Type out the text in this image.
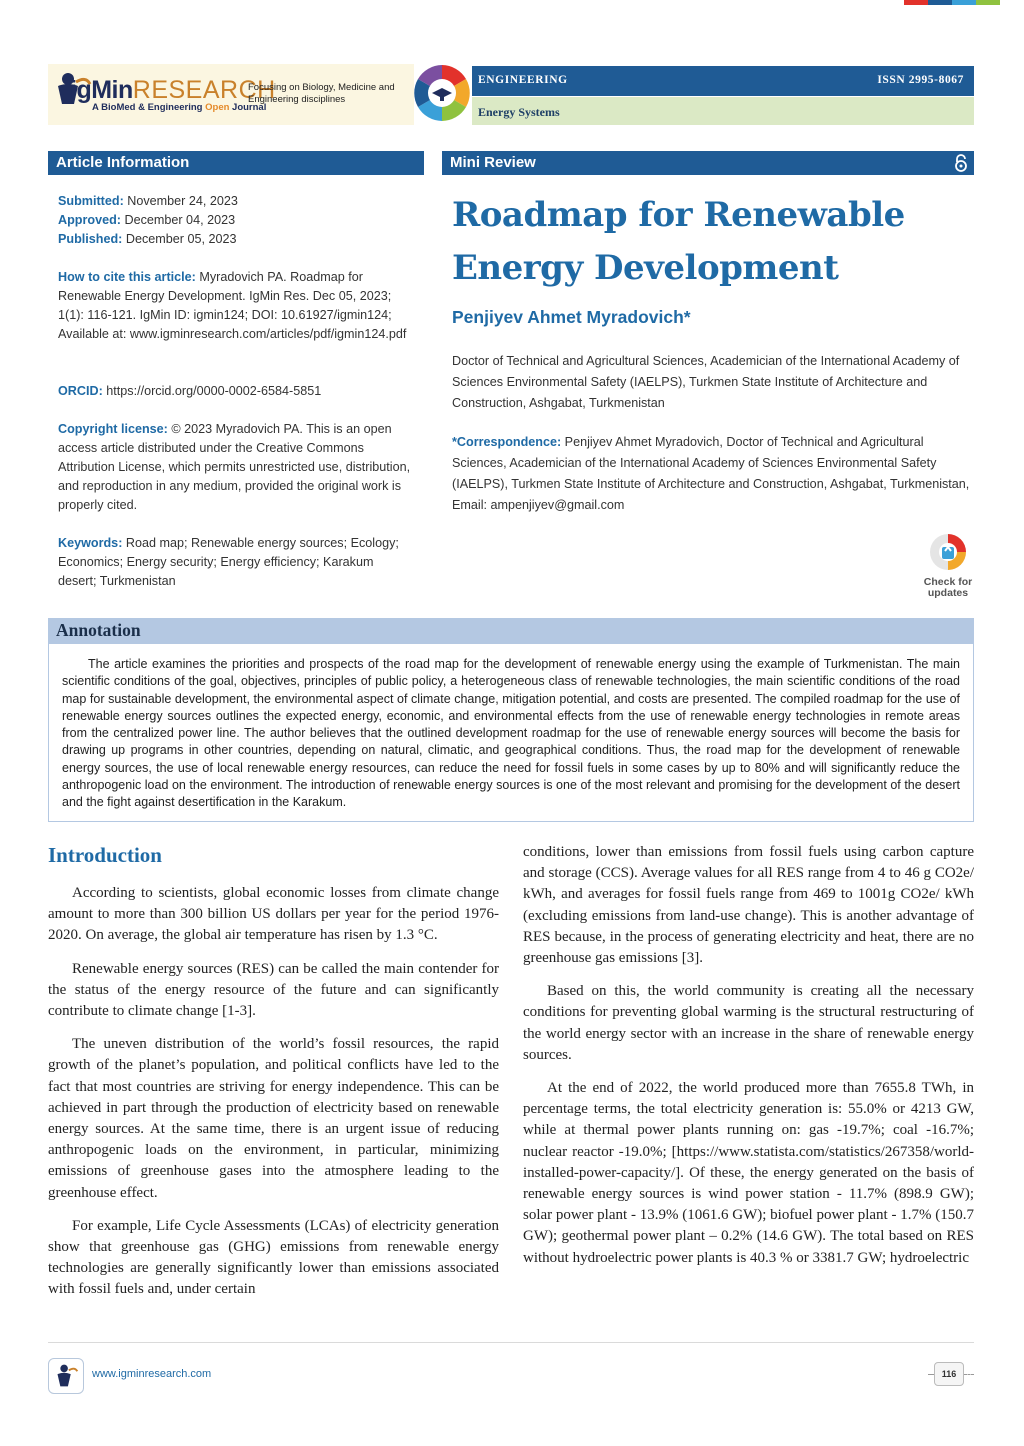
igMinRESEARCH
A BioMed & Engineering Open Journal
Focusing on Biology, Medicine and Engineering disciplines
ENGINEERING	ISSN 2995-8067
Energy Systems
Article Information	Mini Review
Submitted: November 24, 2023
Approved: December 04, 2023
Published: December 05, 2023
How to cite this article: Myradovich PA. Roadmap for Renewable Energy Development. IgMin Res. Dec 05, 2023; 1(1): 116-121. IgMin ID: igmin124; DOI: 10.61927/igmin124; Available at: www.igminresearch.com/articles/pdf/igmin124.pdf
ORCID: https://orcid.org/0000-0002-6584-5851
Copyright license: © 2023 Myradovich PA. This is an open access article distributed under the Creative Commons Attribution License, which permits unrestricted use, distribution, and reproduction in any medium, provided the original work is properly cited.
Keywords: Road map; Renewable energy sources; Ecology; Economics; Energy security; Energy efficiency; Karakum desert; Turkmenistan
Roadmap for Renewable Energy Development
Penjiyev Ahmet Myradovich*
Doctor of Technical and Agricultural Sciences, Academician of the International Academy of Sciences Environmental Safety (IAELPS), Turkmen State Institute of Architecture and Construction, Ashgabat, Turkmenistan
*Correspondence: Penjiyev Ahmet Myradovich, Doctor of Technical and Agricultural Sciences, Academician of the International Academy of Sciences Environmental Safety (IAELPS), Turkmen State Institute of Architecture and Construction, Ashgabat, Turkmenistan, Email: ampenjiyev@gmail.com
Check for
updates
Annotation
The article examines the priorities and prospects of the road map for the development of renewable energy using the example of Turkmenistan. The main scientific conditions of the goal, objectives, principles of public policy, a heterogeneous class of renewable technologies, the main scientific conditions of the road map for sustainable development, the environmental aspect of climate change, mitigation potential, and costs are presented. The compiled roadmap for the use of renewable energy sources outlines the expected energy, economic, and environmental effects from the use of renewable energy technologies in remote areas from the centralized power line. The author believes that the outlined development roadmap for the use of renewable energy sources will become the basis for drawing up programs in other countries, depending on natural, climatic, and geographical conditions. Thus, the road map for the development of renewable energy sources, the use of local renewable energy resources, can reduce the need for fossil fuels in some cases by up to 80% and will significantly reduce the anthropogenic load on the environment. The introduction of renewable energy sources is one of the most relevant and promising for the development of the desert and the fight against desertification in the Karakum.
Introduction

According to scientists, global economic losses from climate change amount to more than 300 billion US dollars per year for the period 1976-2020. On average, the global air temperature has risen by 1.3 °C.

Renewable energy sources (RES) can be called the main contender for the status of the energy resource of the future and can significantly contribute to climate change [1-3].

The uneven distribution of the world’s fossil resources, the rapid growth of the planet’s population, and political conflicts have led to the fact that most countries are striving for energy independence. This can be achieved in part through the production of electricity based on renewable energy sources. At the same time, there is an urgent issue of reducing anthropogenic loads on the environment, in particular, minimizing emissions of greenhouse gases into the atmosphere leading to the greenhouse effect.

For example, Life Cycle Assessments (LCAs) of electricity generation show that greenhouse gas (GHG) emissions from renewable energy technologies are generally significantly lower than emissions associated with fossil fuels and, under certain

conditions, lower than emissions from fossil fuels using carbon capture and storage (CCS). Average values for all RES range from 4 to 46 g CO2e/ kWh, and averages for fossil fuels range from 469 to 1001g CO2e/ kWh (excluding emissions from land-use change). This is another advantage of RES because, in the process of generating electricity and heat, there are no greenhouse gas emissions [3].

Based on this, the world community is creating all the necessary conditions for preventing global warming is the structural restructuring of the world energy sector with an increase in the share of renewable energy sources.

At the end of 2022, the world produced more than 7655.8 TWh, in percentage terms, the total electricity generation is: 55.0% or 4213 GW, while at thermal power plants running on: gas -19.7%; coal -16.7%; nuclear reactor -19.0%; [https://www.statista.com/statistics/267358/world-installed-power-capacity/]. Of these, the energy generated on the basis of renewable energy sources is wind power station - 11.7% (898.9 GW); solar power plant - 13.9% (1061.6 GW); biofuel power plant - 1.7% (150.7 GW); geothermal power plant – 0.2% (14.6 GW). The total based on RES without hydroelectric power plants is 40.3 % or 3381.7 GW; hydroelectric

www.igminresearch.com	116
